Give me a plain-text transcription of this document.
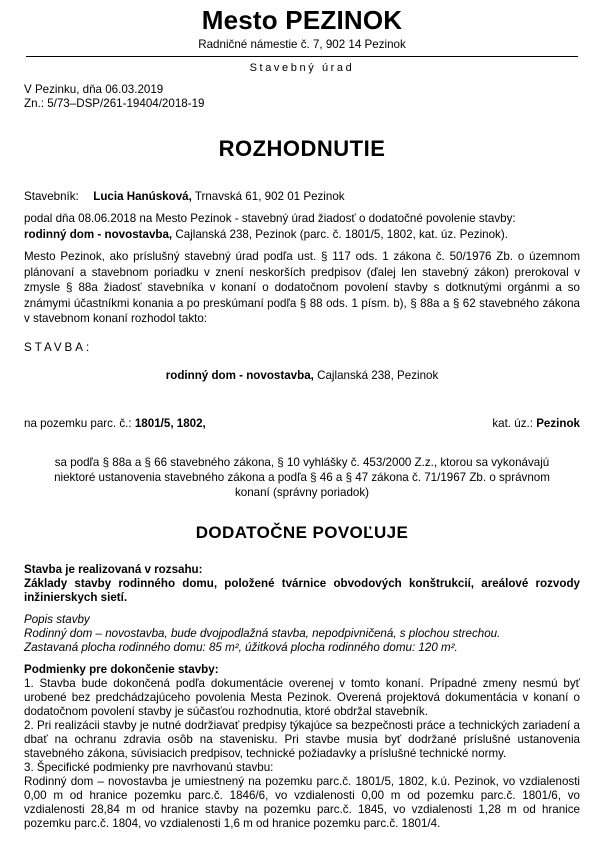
Mesto PEZINOK
Radničné námestie č. 7, 902 14 Pezinok
Stavebný úrad
V Pezinku, dňa 06.03.2019
Zn.: 5/73–DSP/261-19404/2018-19
ROZHODNUTIE
Stavebník: Lucia Hanúsková, Trnavská 61, 902 01 Pezinok
podal dňa 08.06.2018 na Mesto Pezinok - stavebný úrad žiadosť o dodatočné povolenie stavby:
rodinný dom - novostavba, Cajlanská 238, Pezinok (parc. č. 1801/5, 1802, kat. úz. Pezinok).
Mesto Pezinok, ako príslušný stavebný úrad podľa ust. § 117 ods. 1 zákona č. 50/1976 Zb. o územnom plánovaní a stavebnom poriadku v znení neskorších predpisov (ďalej len stavebný zákon) prerokoval v zmysle § 88a žiadosť stavebníka v konaní o dodatočnom povolení stavby s dotknutými orgánmi a so známymi účastníkmi konania a po preskúmaní podľa § 88 ods. 1 písm. b), § 88a a § 62 stavebného zákona v stavebnom konaní rozhodol takto:
STAVBA:
rodinný dom - novostavba, Cajlanská 238, Pezinok
na pozemku parc. č.: 1801/5, 1802,	kat. úz.: Pezinok
sa podľa § 88a a § 66 stavebného zákona, § 10 vyhlášky č. 453/2000 Z.z., ktorou sa vykonávajú niektoré ustanovenia stavebného zákona a podľa § 46 a § 47 zákona č. 71/1967 Zb. o správnom konaní (správny poriadok)
DODATOČNE POVOĽUJE
Stavba je realizovaná v rozsahu:
Základy stavby rodinného domu, položené tvárnice obvodových konštrukcií, areálové rozvody inžinierskych sietí.
Popis stavby
Rodinný dom – novostavba, bude dvojpodlažná stavba, nepodpivničená, s plochou strechou.
Zastavaná plocha rodinného domu: 85 m², úžitková plocha rodinného domu: 120 m².
Podmienky pre dokončenie stavby:
1. Stavba bude dokončená podľa dokumentácie overenej v tomto konaní. Prípadné zmeny nesmú byť urobené bez predchádzajúceho povolenia Mesta Pezinok. Overená projektová dokumentácia v konaní o dodatočnom povolení stavby je súčasťou rozhodnutia, ktoré obdržal stavebník.
2. Pri realizácii stavby je nutné dodržiavať predpisy týkajúce sa bezpečnosti práce a technických zariadení a dbať na ochranu zdravia osôb na stavenisku. Pri stavbe musia byť dodržané príslušné ustanovenia stavebného zákona, súvisiacich predpisov, technické požiadavky a príslušné technické normy.
3. Špecifické podmienky pre navrhovanú stavbu:
Rodinný dom – novostavba je umiestnený na pozemku parc.č. 1801/5, 1802, k.ú. Pezinok, vo vzdialenosti 0,00 m od hranice pozemku parc.č. 1846/6, vo vzdialenosti 0,00 m od pozemku parc.č. 1801/6, vo vzdialenosti 28,84 m od hranice stavby na pozemku parc.č. 1845, vo vzdialenosti 1,28 m od hranice pozemku parc.č. 1804, vo vzdialenosti 1,6 m od hranice pozemku parc.č. 1801/4.
